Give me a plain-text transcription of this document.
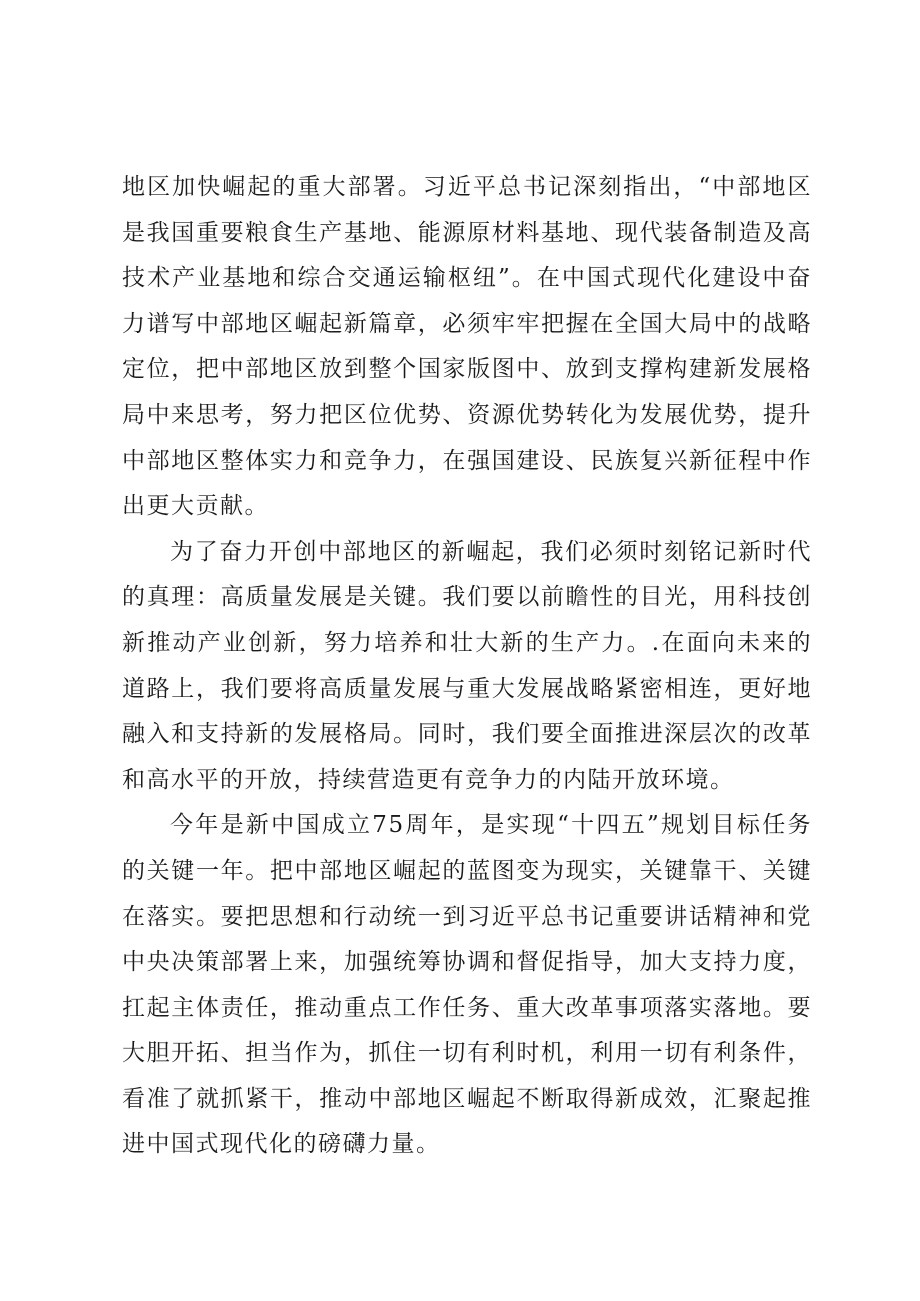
地区加快崛起的重大部署。习近平总书记深刻指出，“中部地区是我国重要粮食生产基地、能源原材料基地、现代装备制造及高技术产业基地和综合交通运输枢纽”。在中国式现代化建设中奋力谱写中部地区崛起新篇章，必须牢牢把握在全国大局中的战略定位，把中部地区放到整个国家版图中、放到支撑构建新发展格局中来思考，努力把区位优势、资源优势转化为发展优势，提升中部地区整体实力和竞争力，在强国建设、民族复兴新征程中作出更大贡献。

为了奋力开创中部地区的新崛起，我们必须时刻铭记新时代的真理：高质量发展是关键。我们要以前瞻性的目光，用科技创新推动产业创新，努力培养和壮大新的生产力。.在面向未来的道路上，我们要将高质量发展与重大发展战略紧密相连，更好地融入和支持新的发展格局。同时，我们要全面推进深层次的改革和高水平的开放，持续营造更有竞争力的内陆开放环境。

今年是新中国成立75周年，是实现“十四五”规划目标任务的关键一年。把中部地区崛起的蓝图变为现实，关键靠干、关键在落实。要把思想和行动统一到习近平总书记重要讲话精神和党中央决策部署上来，加强统筹协调和督促指导，加大支持力度，扛起主体责任，推动重点工作任务、重大改革事项落实落地。要大胆开拓、担当作为，抓住一切有利时机，利用一切有利条件，看准了就抓紧干，推动中部地区崛起不断取得新成效，汇聚起推进中国式现代化的磅礴力量。
